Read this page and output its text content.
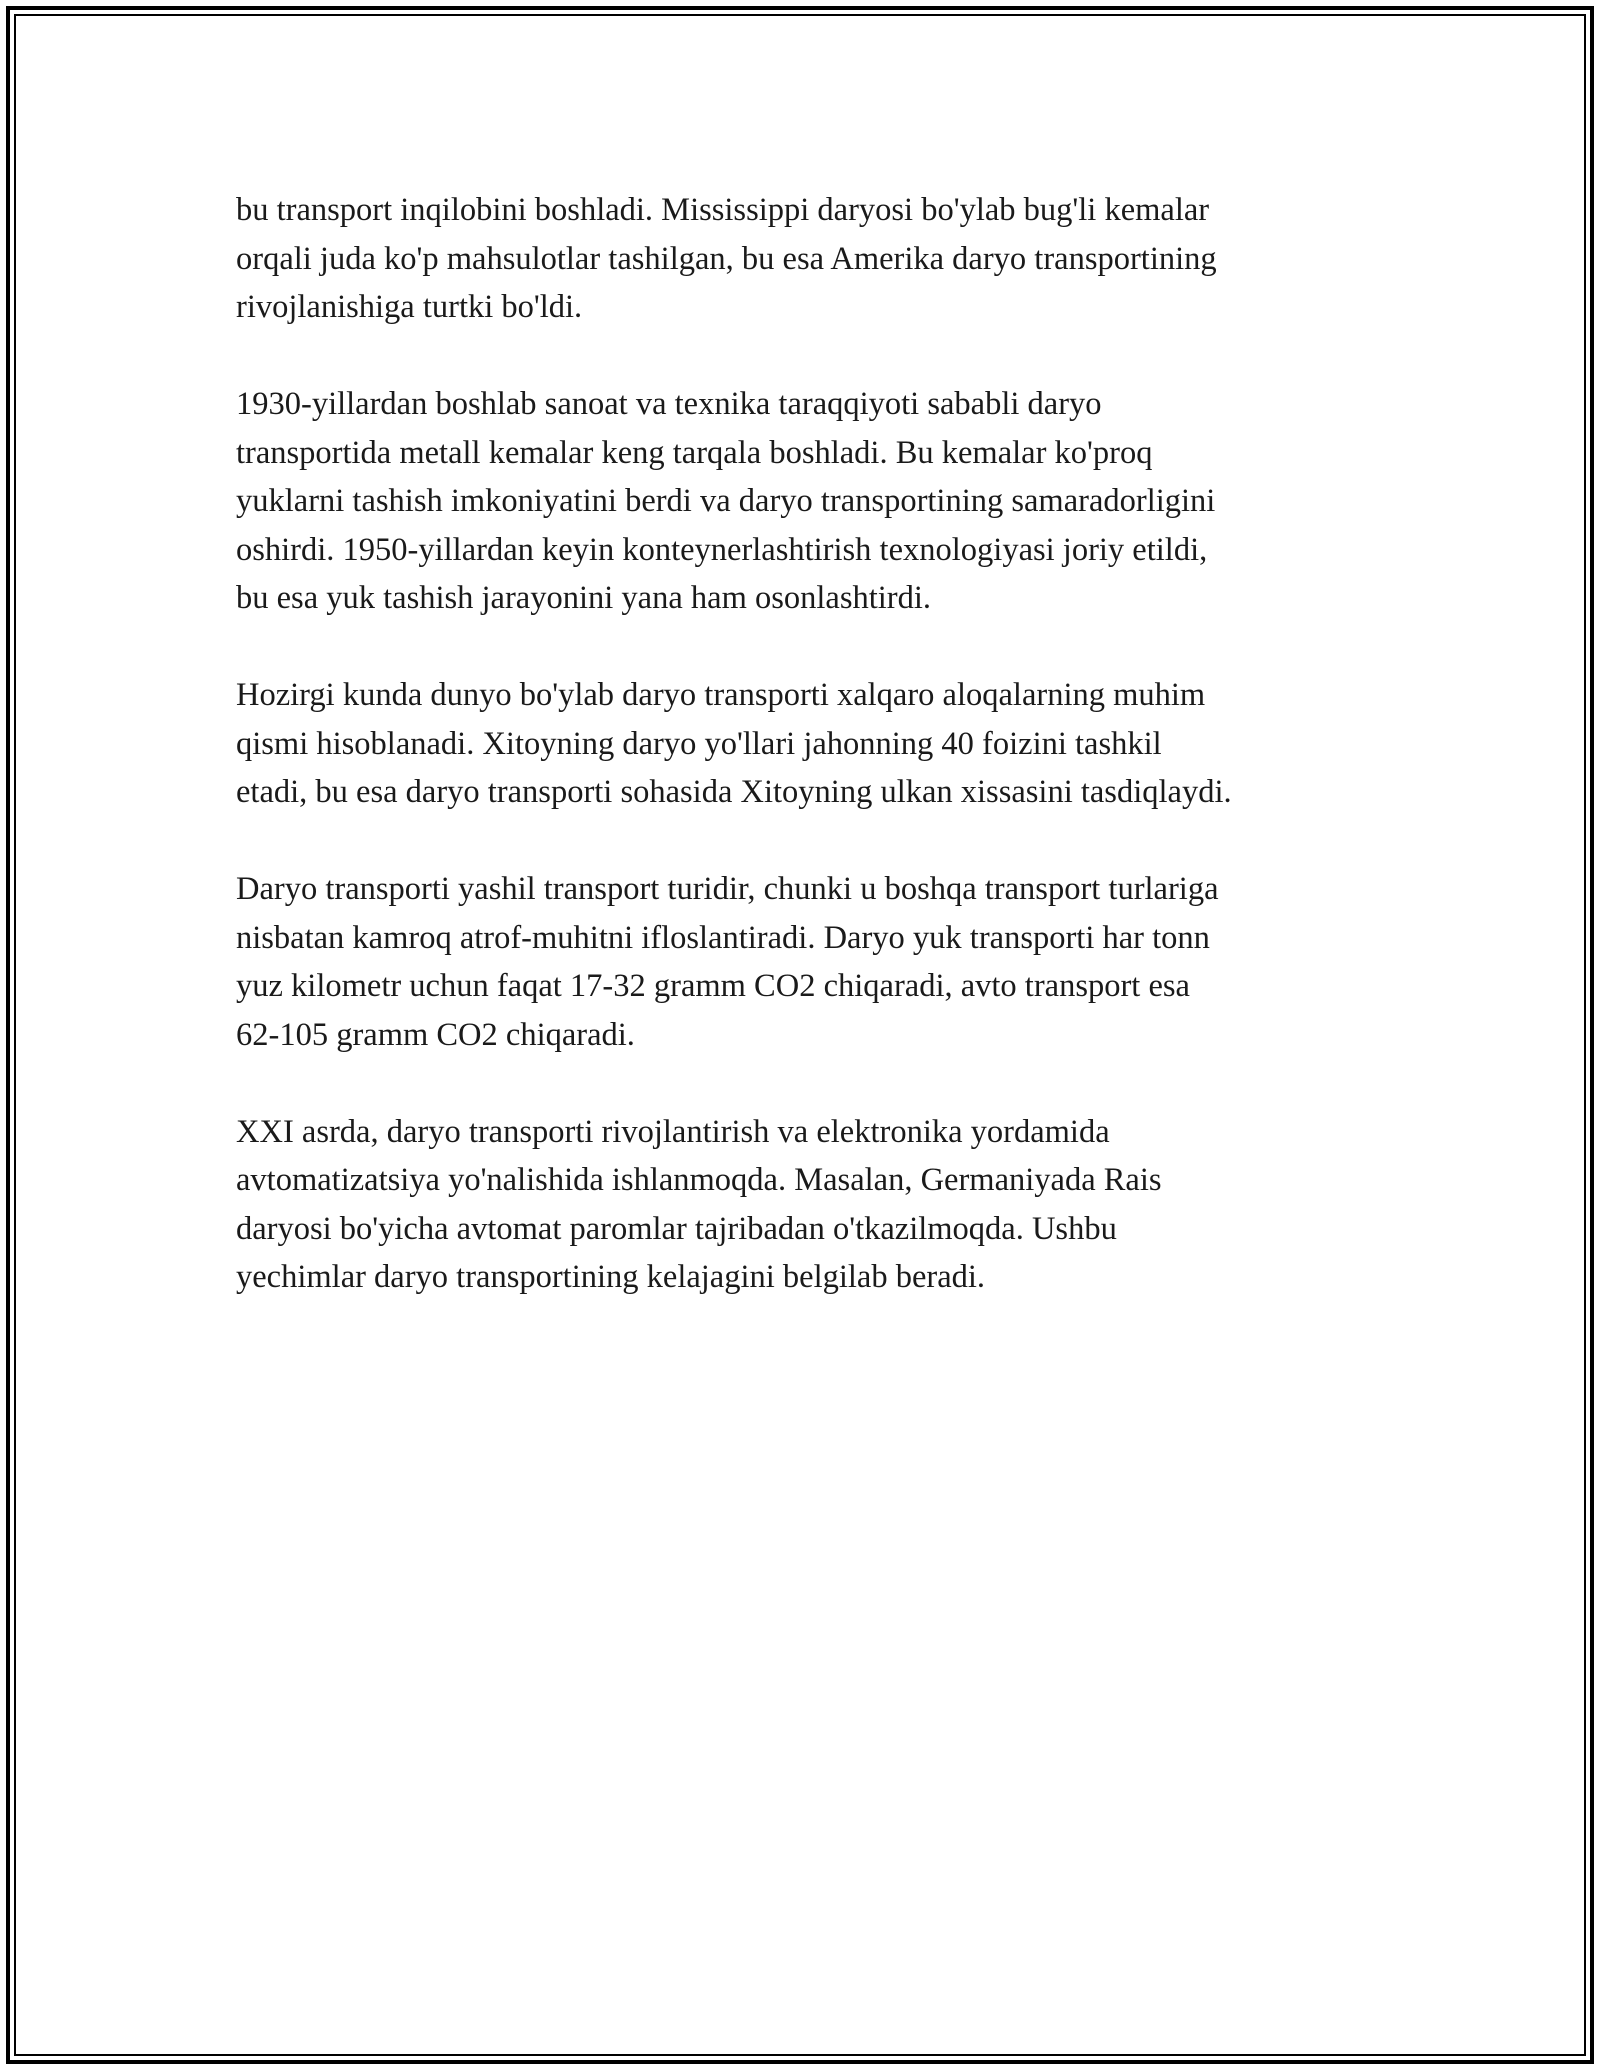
bu transport inqilobini boshladi. Mississippi daryosi bo'ylab bug'li kemalar
orqali juda ko'p mahsulotlar tashilgan, bu esa Amerika daryo transportining
rivojlanishiga turtki bo'ldi.

1930-yillardan boshlab sanoat va texnika taraqqiyoti sababli daryo
transportida metall kemalar keng tarqala boshladi. Bu kemalar ko'proq
yuklarni tashish imkoniyatini berdi va daryo transportining samaradorligini
oshirdi. 1950-yillardan keyin konteynerlashtirish texnologiyasi joriy etildi,
bu esa yuk tashish jarayonini yana ham osonlashtirdi.

Hozirgi kunda dunyo bo'ylab daryo transporti xalqaro aloqalarning muhim
qismi hisoblanadi. Xitoyning daryo yo'llari jahonning 40 foizini tashkil
etadi, bu esa daryo transporti sohasida Xitoyning ulkan xissasini tasdiqlaydi.

Daryo transporti yashil transport turidir, chunki u boshqa transport turlariga
nisbatan kamroq atrof-muhitni ifloslantiradi. Daryo yuk transporti har tonn
yuz kilometr uchun faqat 17-32 gramm CO2 chiqaradi, avto transport esa
62-105 gramm CO2 chiqaradi.

XXI asrda, daryo transporti rivojlantirish va elektronika yordamida
avtomatizatsiya yo'nalishida ishlanmoqda. Masalan, Germaniyada Rais
daryosi bo'yicha avtomat paromlar tajribadan o'tkazilmoqda. Ushbu
yechimlar daryo transportining kelajagini belgilab beradi.
